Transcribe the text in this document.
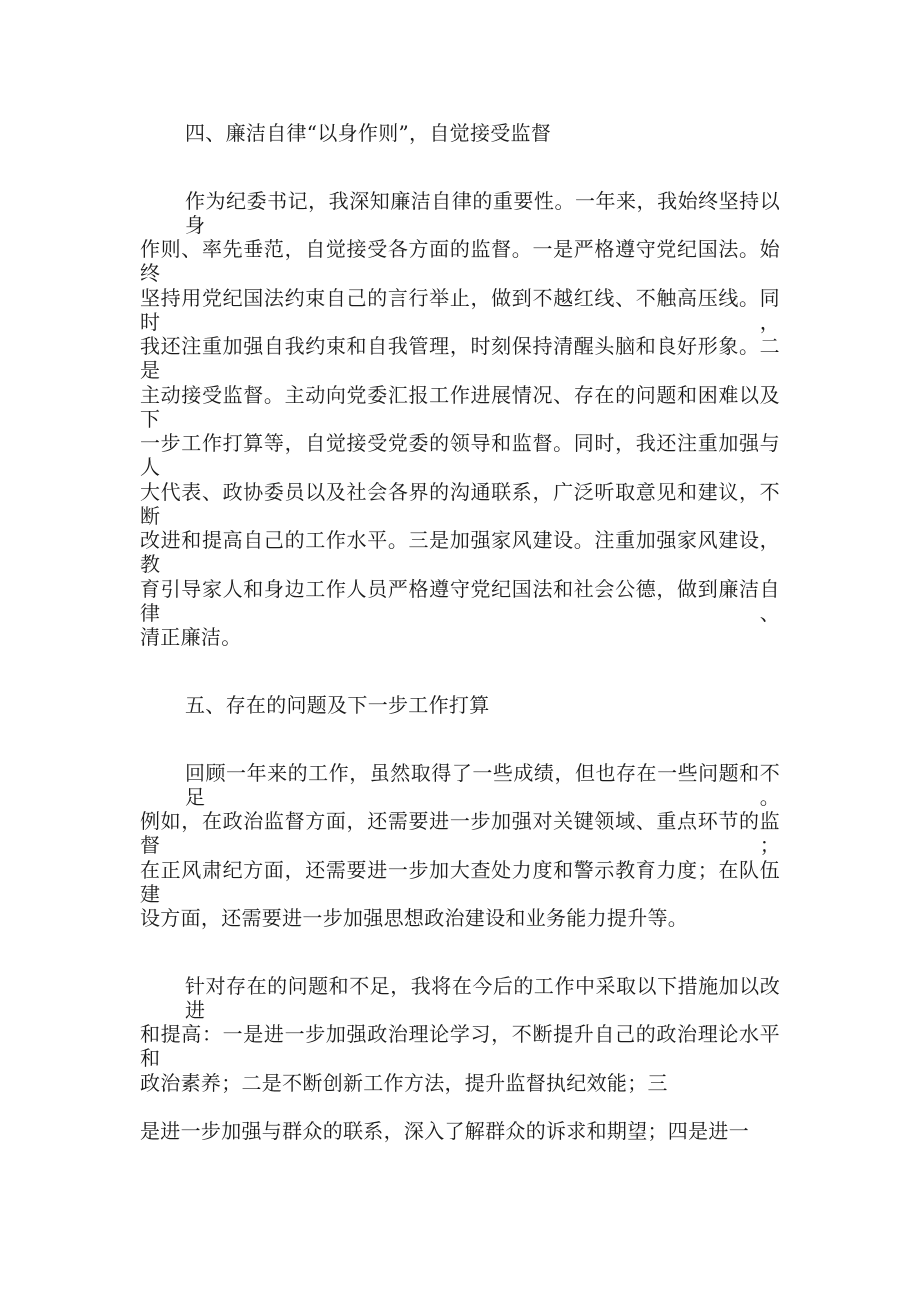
四、廉洁自律“以身作则”，自觉接受监督
作为纪委书记，我深知廉洁自律的重要性。一年来，我始终坚持以身
作则、率先垂范，自觉接受各方面的监督。一是严格遵守党纪国法。始终
坚持用党纪国法约束自己的言行举止，做到不越红线、不触高压线。同时，
我还注重加强自我约束和自我管理，时刻保持清醒头脑和良好形象。二是
主动接受监督。主动向党委汇报工作进展情况、存在的问题和困难以及下
一步工作打算等，自觉接受党委的领导和监督。同时，我还注重加强与人
大代表、政协委员以及社会各界的沟通联系，广泛听取意见和建议，不断
改进和提高自己的工作水平。三是加强家风建设。注重加强家风建设，教
育引导家人和身边工作人员严格遵守党纪国法和社会公德，做到廉洁自律、
清正廉洁。
五、存在的问题及下一步工作打算
回顾一年来的工作，虽然取得了一些成绩，但也存在一些问题和不足。
例如，在政治监督方面，还需要进一步加强对关键领域、重点环节的监督；
在正风肃纪方面，还需要进一步加大查处力度和警示教育力度；在队伍建
设方面，还需要进一步加强思想政治建设和业务能力提升等。
针对存在的问题和不足，我将在今后的工作中采取以下措施加以改进
和提高：一是进一步加强政治理论学习，不断提升自己的政治理论水平和
政治素养；二是不断创新工作方法，提升监督执纪效能；三
是进一步加强与群众的联系，深入了解群众的诉求和期望；四是进一
